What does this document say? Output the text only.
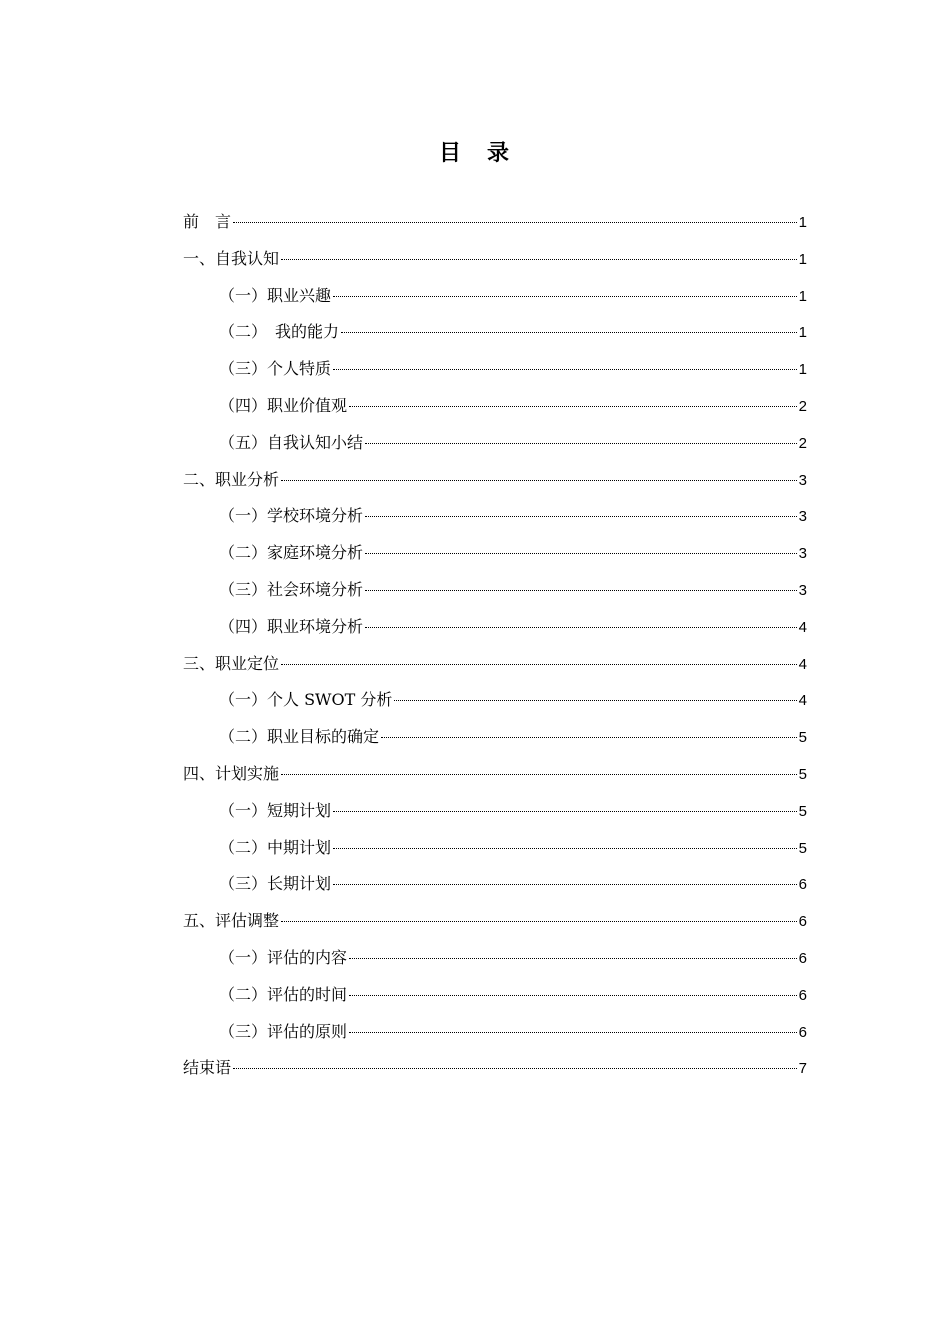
目　录
前　言	1
一、自我认知	1
（一）职业兴趣	1
（二）　我的能力	1
（三）个人特质	1
（四）职业价值观	2
（五）自我认知小结	2
二、职业分析	3
（一）学校环境分析	3
（二）家庭环境分析	3
（三）社会环境分析	3
（四）职业环境分析	4
三、职业定位	4
（一）个人 SWOT 分析	4
（二）职业目标的确定	5
四、计划实施	5
（一）短期计划	5
（二）中期计划	5
（三）长期计划	6
五、评估调整	6
（一）评估的内容	6
（二）评估的时间	6
（三）评估的原则	6
结束语	7
